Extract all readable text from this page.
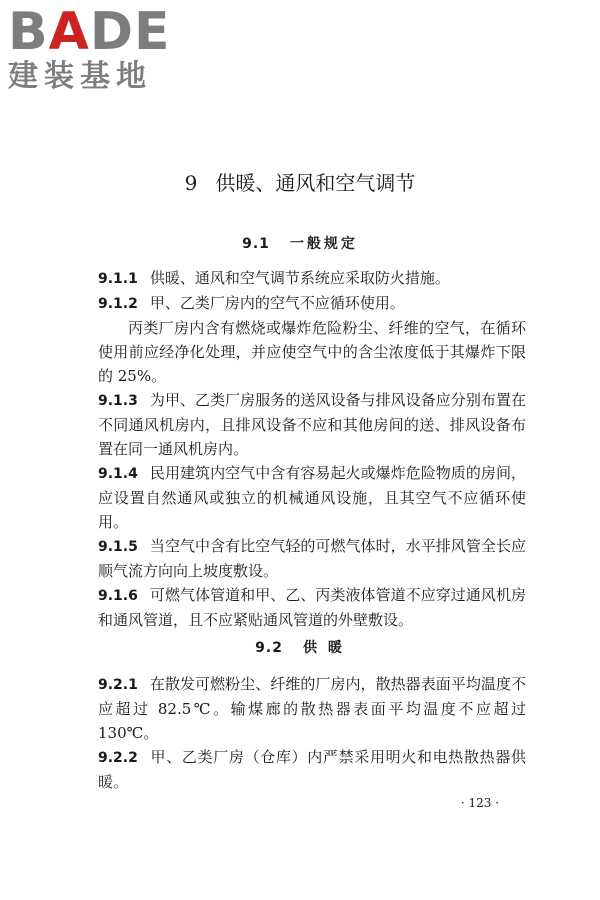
BADE
建装基地
9 供暖、通风和空气调节
9.1 一般规定

9.1.1 供暖、通风和空气调节系统应采取防火措施。

9.1.2 甲、乙类厂房内的空气不应循环使用。

丙类厂房内含有燃烧或爆炸危险粉尘、纤维的空气，在循环使用前应经净化处理，并应使空气中的含尘浓度低于其爆炸下限的 25%。

9.1.3 为甲、乙类厂房服务的送风设备与排风设备应分别布置在不同通风机房内，且排风设备不应和其他房间的送、排风设备布置在同一通风机房内。

9.1.4 民用建筑内空气中含有容易起火或爆炸危险物质的房间，应设置自然通风或独立的机械通风设施，且其空气不应循环使用。

9.1.5 当空气中含有比空气轻的可燃气体时，水平排风管全长应顺气流方向向上坡度敷设。

9.1.6 可燃气体管道和甲、乙、丙类液体管道不应穿过通风机房和通风管道，且不应紧贴通风管道的外壁敷设。

9.2 供 暖

9.2.1 在散发可燃粉尘、纤维的厂房内，散热器表面平均温度不应超过 82.5℃。输煤廊的散热器表面平均温度不应超过 130℃。

9.2.2 甲、乙类厂房（仓库）内严禁采用明火和电热散热器供暖。

· 123 ·
